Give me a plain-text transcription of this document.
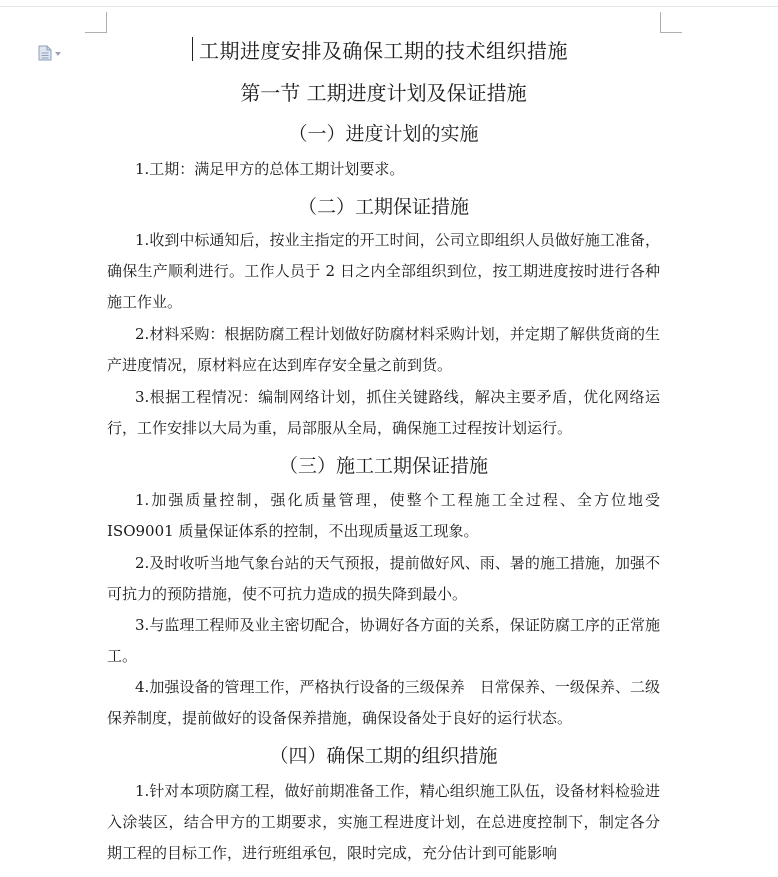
工期进度安排及确保工期的技术组织措施
第一节 工期进度计划及保证措施
（一）进度计划的实施
1.工期：满足甲方的总体工期计划要求。
（二）工期保证措施
1.收到中标通知后，按业主指定的开工时间，公司立即组织人员做好施工准备，确保生产顺利进行。工作人员于 2 日之内全部组织到位，按工期进度按时进行各种施工作业。
2.材料采购：根据防腐工程计划做好防腐材料采购计划，并定期了解供货商的生产进度情况，原材料应在达到库存安全量之前到货。
3.根据工程情况：编制网络计划，抓住关键路线，解决主要矛盾，优化网络运行，工作安排以大局为重，局部服从全局，确保施工过程按计划运行。
（三）施工工期保证措施
1.加强质量控制，强化质量管理，使整个工程施工全过程、全方位地受 ISO9001 质量保证体系的控制，不出现质量返工现象。
2.及时收听当地气象台站的天气预报，提前做好风、雨、暑的施工措施，加强不可抗力的预防措施，使不可抗力造成的损失降到最小。
3.与监理工程师及业主密切配合，协调好各方面的关系，保证防腐工序的正常施工。
4.加强设备的管理工作，严格执行设备的三级保养　日常保养、一级保养、二级保养制度，提前做好的设备保养措施，确保设备处于良好的运行状态。
（四）确保工期的组织措施
1.针对本项防腐工程，做好前期准备工作，精心组织施工队伍，设备材料检验进入涂装区，结合甲方的工期要求，实施工程进度计划，在总进度控制下，制定各分期工程的目标工作，进行班组承包，限时完成，充分估计到可能影响
